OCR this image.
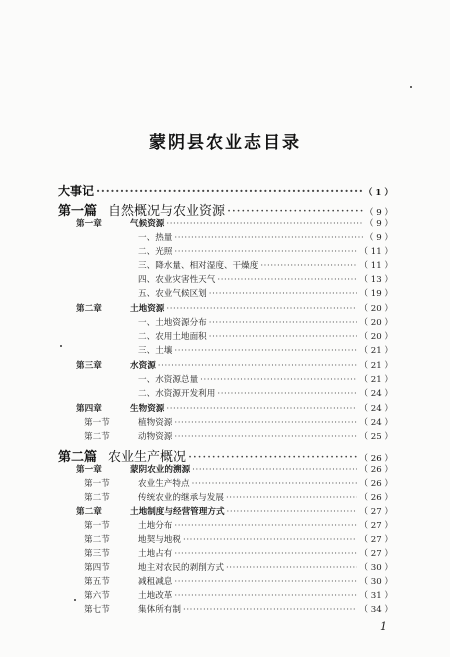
蒙阴县农业志目录
大事记 ·····	（ 1 ）
第一篇 自然概况与农业资源 ·····	（ 9 ）
第一章	气候资源 ·····	（ 9 ）
一、热量 ·····	（ 9 ）
二、光照 ·····	（ 11 ）
三、降水量、相对湿度、干燥度 ·····	（ 11 ）
四、农业灾害性天气 ·····	（ 13 ）
五、农业气候区划 ·····	（ 19 ）
第二章	土地资源 ·····	（ 20 ）
一、土地资源分布 ·····	（ 20 ）
二、农用土地面积 ·····	（ 20 ）
三、土壤 ·····	（ 21 ）
第三章	水资源 ·····	（ 21 ）
一、水资源总量 ·····	（ 21 ）
二、水资源开发利用 ·····	（ 24 ）
第四章	生物资源 ·····	（ 24 ）
第一节	植物资源 ·····	（ 24 ）
第二节	动物资源 ·····	（ 25 ）
第二篇 农业生产概况 ·····	（ 26 ）
第一章	蒙阴农业的溯源 ·····	（ 26 ）
第一节	农业生产特点 ·····	（ 26 ）
第二节	传统农业的继承与发展 ·····	（ 26 ）
第二章	土地制度与经营管理方式 ·····	（ 27 ）
第一节	土地分布 ·····	（ 27 ）
第二节	地契与地税 ·····	（ 27 ）
第三节	土地占有 ·····	（ 27 ）
第四节	地主对农民的剥削方式 ·····	（ 30 ）
第五节	减租减息 ·····	（ 30 ）
第六节	土地改革 ·····	（ 31 ）
第七节	集体所有制 ·····	（ 34 ）
1
